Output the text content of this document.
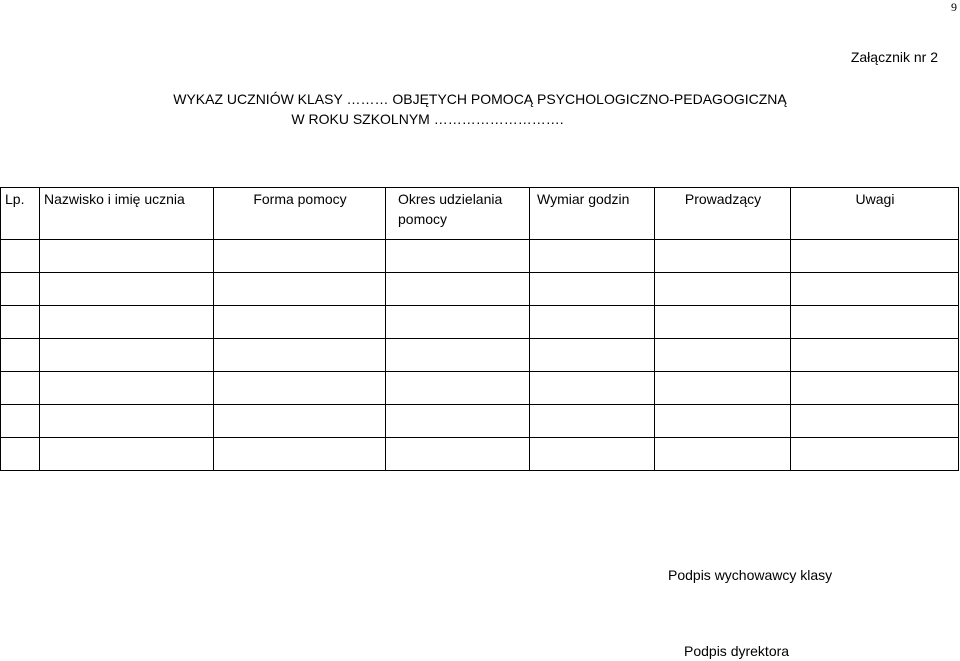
9
Załącznik nr 2
WYKAZ UCZNIÓW KLASY ……… OBJĘTYCH POMOCĄ PSYCHOLOGICZNO-PEDAGOGICZNĄ
W ROKU SZKOLNYM ……………………….
Lp.	Nazwisko i imię ucznia	Forma pomocy	Okres udzielania pomocy	Wymiar godzin	Prowadzący	Uwagi

Podpis wychowawcy klasy
Podpis dyrektora
